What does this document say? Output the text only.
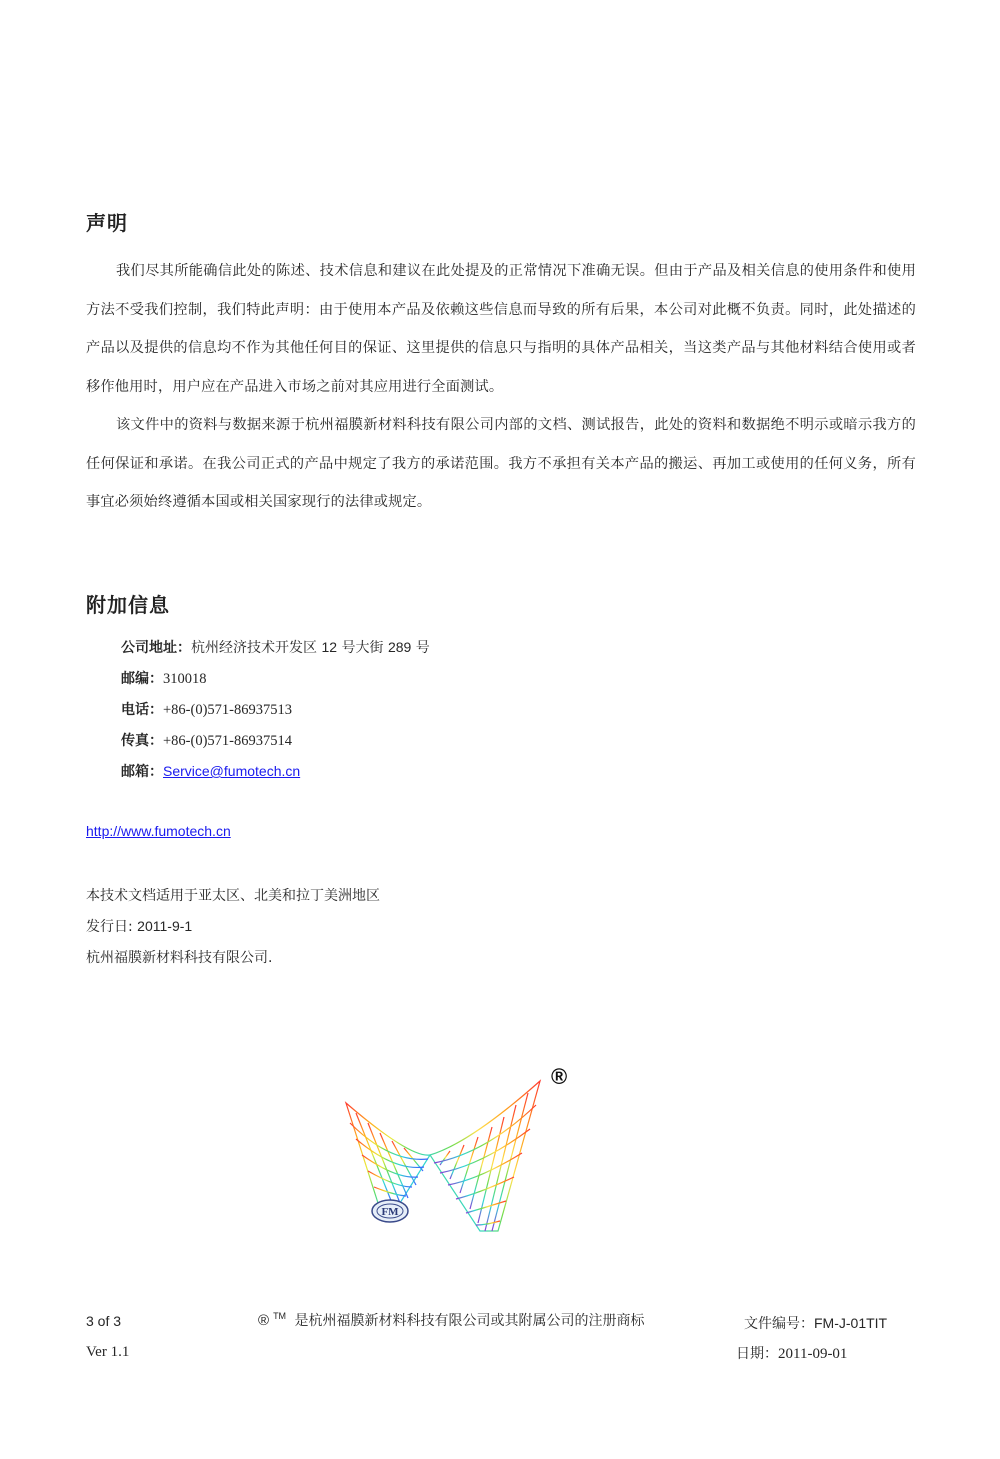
声明
我们尽其所能确信此处的陈述、技术信息和建议在此处提及的正常情况下准确无误。但由于产品及相关信息的使用条件和使用方法不受我们控制，我们特此声明：由于使用本产品及依赖这些信息而导致的所有后果，本公司对此概不负责。同时，此处描述的产品以及提供的信息均不作为其他任何目的保证、这里提供的信息只与指明的具体产品相关，当这类产品与其他材料结合使用或者移作他用时，用户应在产品进入市场之前对其应用进行全面测试。
该文件中的资料与数据来源于杭州福膜新材料科技有限公司内部的文档、测试报告，此处的资料和数据绝不明示或暗示我方的任何保证和承诺。在我公司正式的产品中规定了我方的承诺范围。我方不承担有关本产品的搬运、再加工或使用的任何义务，所有事宜必须始终遵循本国或相关国家现行的法律或规定。
附加信息
公司地址：杭州经济技术开发区 12 号大街 289 号
邮编：310018
电话：+86-(0)571-86937513
传真：+86-(0)571-86937514
邮箱：Service@fumotech.cn
http://www.fumotech.cn
本技术文档适用于亚太区、北美和拉丁美洲地区
发行日: 2011-9-1
杭州福膜新材料科技有限公司.
FM
®
3 of 3
Ver 1.1
® ™ 是杭州福膜新材料科技有限公司或其附属公司的注册商标	文件编号：FM-J-01TIT
日期：2011-09-01
